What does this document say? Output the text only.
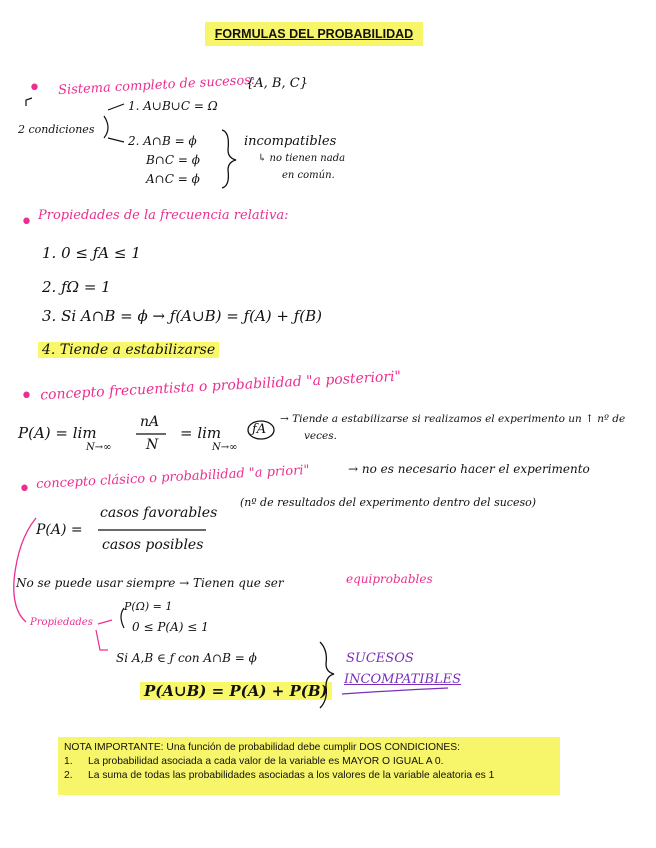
FORMULAS DEL PROBABILIDAD
• Sistema completo de sucesos:
{A, B, C}
2 condiciones
1. A∪B∪C = Ω
2. A∩B = ϕ
B∩C = ϕ
A∩C = ϕ
incompatibles
↳ no tienen nada
en común.
• Propiedades de la frecuencia relativa:
1. 0 ≤ ƒA ≤ 1
2. ƒΩ = 1
3. Si A∩B = ϕ → ƒ(A∪B) = ƒ(A) + ƒ(B)
4. Tiende a estabilizarse
• concepto frecuentista o probabilidad "a posteriori"
P(A) = lim
N→∞
nA
N
= lim
N→∞
ƒA
→ Tiende a estabilizarse si realizamos el experimento un ↑ nº de
veces.
• concepto clásico o probabilidad "a priori"	→ no es necesario hacer el experimento
P(A) =
casos favorables
(nº de resultados del experimento dentro del suceso)
casos posibles
No se puede usar siempre → Tienen que ser	equiprobables
Propiedades
P(Ω) = 1
0 ≤ P(A) ≤ 1
Si A,B ∈ ƒ con A∩B = ϕ
P(A∪B) = P(A) + P(B)
SUCESOS
INCOMPATIBLES
NOTA IMPORTANTE: Una función de probabilidad debe cumplir DOS CONDICIONES:
1.	La probabilidad asociada a cada valor de la variable es MAYOR O IGUAL A 0.
2.	La suma de todas las probabilidades asociadas a los valores de la variable aleatoria es 1
